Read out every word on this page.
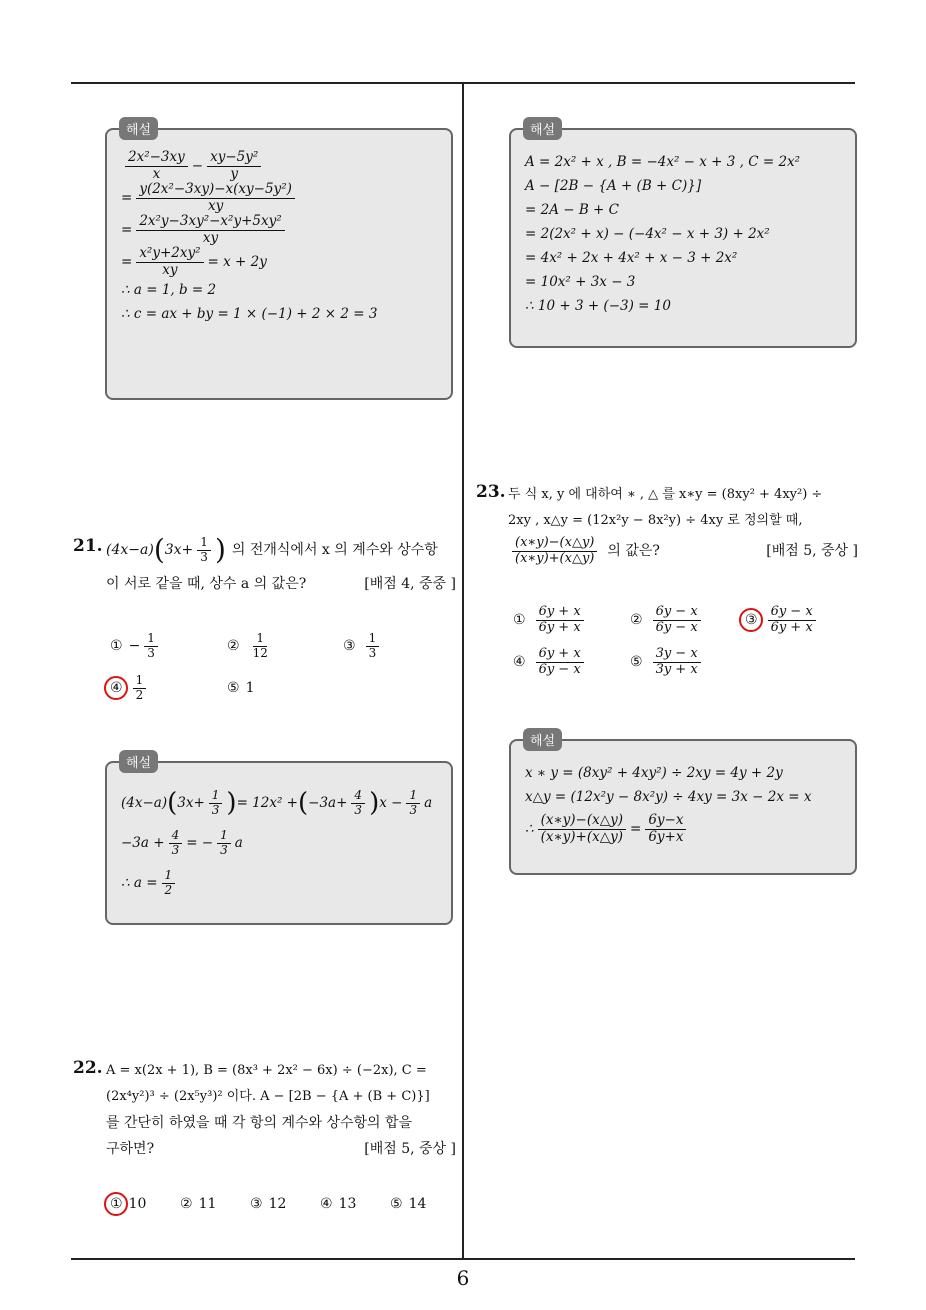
해설
$\frac{\text{2x²−3xy}}{x} - \frac{\text{xy−5y²}}{y}$
= $\frac{\text{y(2x²−3xy)−x(xy−5y²)}}{xy}$
= $\frac{\text{2x²y−3xy²−x²y+5xy²}}{xy}$
= $\frac{\text{x²y+2xy²}}{xy} = x + 2y$
∴ a = 1, b = 2
∴ c = ax + by = 1 × (−1) + 2 × 2 = 3
해설
A = 2x² + x , B = −4x² − x + 3 , C = 2x²
A − [2B − {A + (B + C)}]
= 2A − B + C
= 2(2x² + x) − (−4x² − x + 3) + 2x²
= 4x² + 2x + 4x² + x − 3 + 2x²
= 10x² + 3x − 3
∴ 10 + 3 + (−3) = 10
21. (4x−a) ( $3x+ \frac{1}{3}$ ) 의 전개식에서 x 의 계수와 상수항
이 서로 같을 때, 상수 a 의 값은?	[배점 4, 중중 ]
① − $\frac{1}{3}$	② $\frac{1}{12}$	③ $\frac{1}{3}$
④ $\frac{1}{2}$	⑤ 1
해설
(4x−a) ( $3x+ \frac{1}{3}$ ) = 12x² + ( $-3a+ \frac{4}{3}$ ) $x - \frac{1}{3}$ a
$-3a + \frac{4}{3}$ = − $\frac{1}{3}$ a
∴ $a = \frac{1}{2}$
22. A = x(2x + 1), B = (8x³ + 2x² − 6x) ÷ (−2x), C =
(2x⁴y²)³ ÷ (2x⁵y³)² 이다. A − [2B − {A + (B + C)}]
를 간단히 하였을 때 각 항의 계수와 상수항의 합을
구하면?	[배점 5, 중상 ]
① 10 ② 11 ③ 12 ④ 13 ⑤ 14
23. 두 식 x, y 에 대하여 ∗ , △ 를 x∗y = (8xy² + 4xy²) ÷
2xy , x△y = (12x²y − 8x²y) ÷ 4xy 로 정의할 때,
$\frac{(x∗y)-(x\triangle y)}{(x∗y)+(x\triangle y)}$ 의 값은?	[배점 5, 중상 ]
① $\frac{6y + x}{6y + x}$	② $\frac{6y - x}{6y - x}$	③ $\frac{6y - x}{6y + x}$
④ $\frac{6y + x}{6y - x}$	⑤ $\frac{3y - x}{3y + x}$
해설
x ∗ y = (8xy² + 4xy²) ÷ 2xy = 4y + 2y
x△y = (12x²y − 8x²y) ÷ 4xy = 3x − 2x = x
∴ $\frac{(x∗y)-(x\triangle y)}{(x∗y)+(x\triangle y)} = \frac{6y-x}{6y+x}$
6
